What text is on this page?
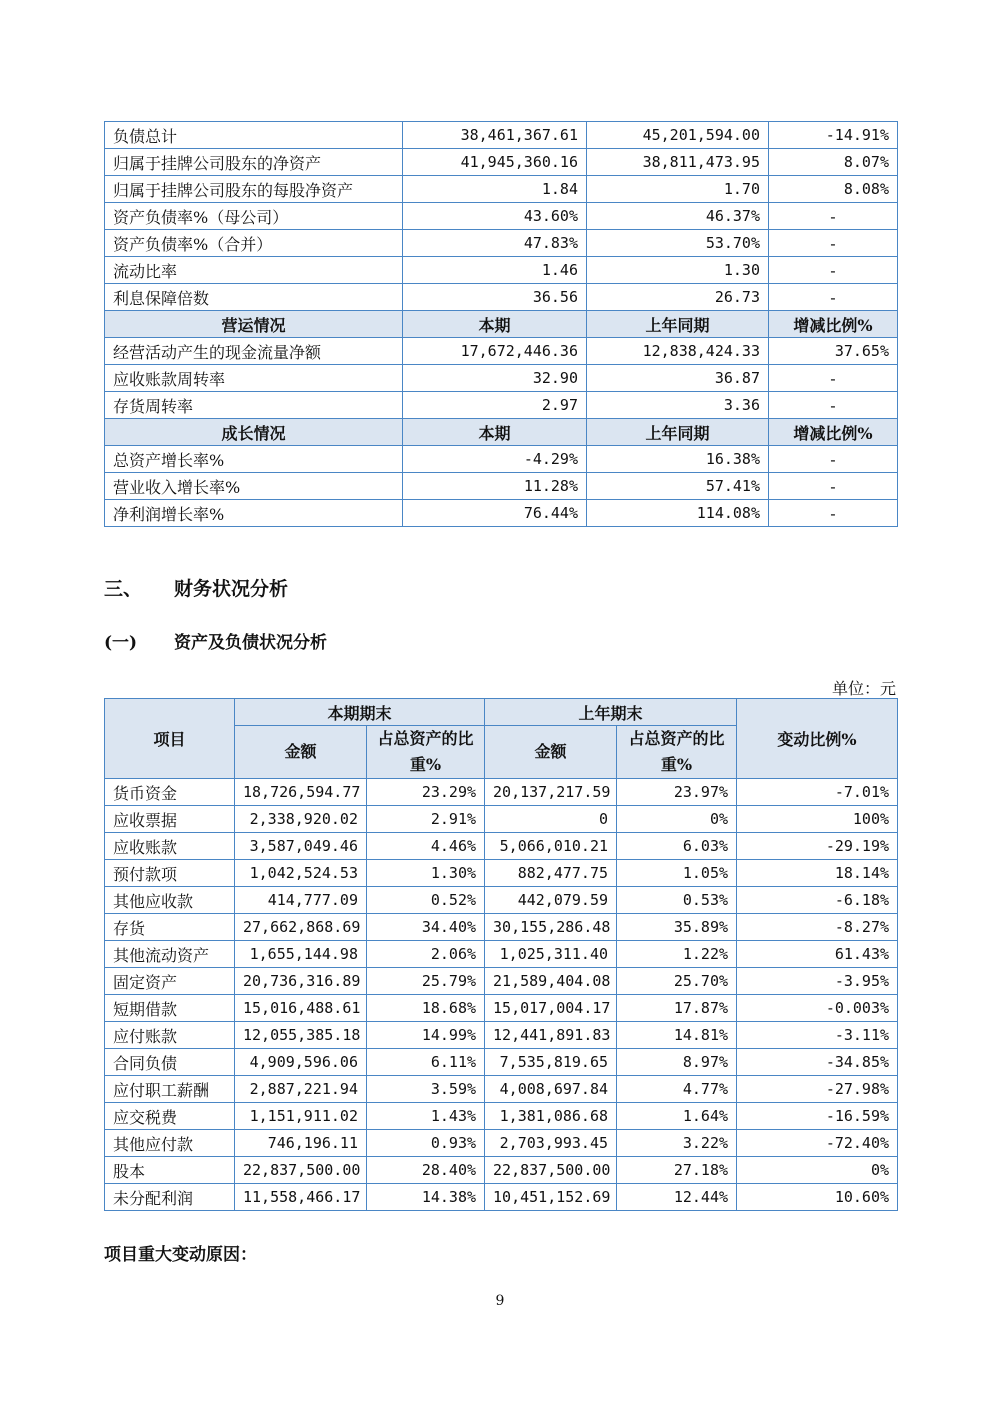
负债总计	38,461,367.61	45,201,594.00	-14.91%
归属于挂牌公司股东的净资产	41,945,360.16	38,811,473.95	8.07%
归属于挂牌公司股东的每股净资产	1.84	1.70	8.08%
资产负债率%（母公司）	43.60%	46.37%	-
资产负债率%（合并）	47.83%	53.70%	-
流动比率	1.46	1.30	-
利息保障倍数	36.56	26.73	-
营运情况	本期	上年同期	增减比例%
经营活动产生的现金流量净额	17,672,446.36	12,838,424.33	37.65%
应收账款周转率	32.90	36.87	-
存货周转率	2.97	3.36	-
成长情况	本期	上年同期	增减比例%
总资产增长率%	-4.29%	16.38%	-
营业收入增长率%	11.28%	57.41%	-
净利润增长率%	76.44%	114.08%	-
三、 财务状况分析
(一) 资产及负债状况分析
单位：元
项目	本期期末		上年期末		变动比例%
	金额	占总资产的比重%	金额	占总资产的比重%	
货币资金	18,726,594.77	23.29%	20,137,217.59	23.97%	-7.01%
应收票据	2,338,920.02	2.91%	0	0%	100%
应收账款	3,587,049.46	4.46%	5,066,010.21	6.03%	-29.19%
预付款项	1,042,524.53	1.30%	882,477.75	1.05%	18.14%
其他应收款	414,777.09	0.52%	442,079.59	0.53%	-6.18%
存货	27,662,868.69	34.40%	30,155,286.48	35.89%	-8.27%
其他流动资产	1,655,144.98	2.06%	1,025,311.40	1.22%	61.43%
固定资产	20,736,316.89	25.79%	21,589,404.08	25.70%	-3.95%
短期借款	15,016,488.61	18.68%	15,017,004.17	17.87%	-0.003%
应付账款	12,055,385.18	14.99%	12,441,891.83	14.81%	-3.11%
合同负债	4,909,596.06	6.11%	7,535,819.65	8.97%	-34.85%
应付职工薪酬	2,887,221.94	3.59%	4,008,697.84	4.77%	-27.98%
应交税费	1,151,911.02	1.43%	1,381,086.68	1.64%	-16.59%
其他应付款	746,196.11	0.93%	2,703,993.45	3.22%	-72.40%
股本	22,837,500.00	28.40%	22,837,500.00	27.18%	0%
未分配利润	11,558,466.17	14.38%	10,451,152.69	12.44%	10.60%
项目重大变动原因：
9
